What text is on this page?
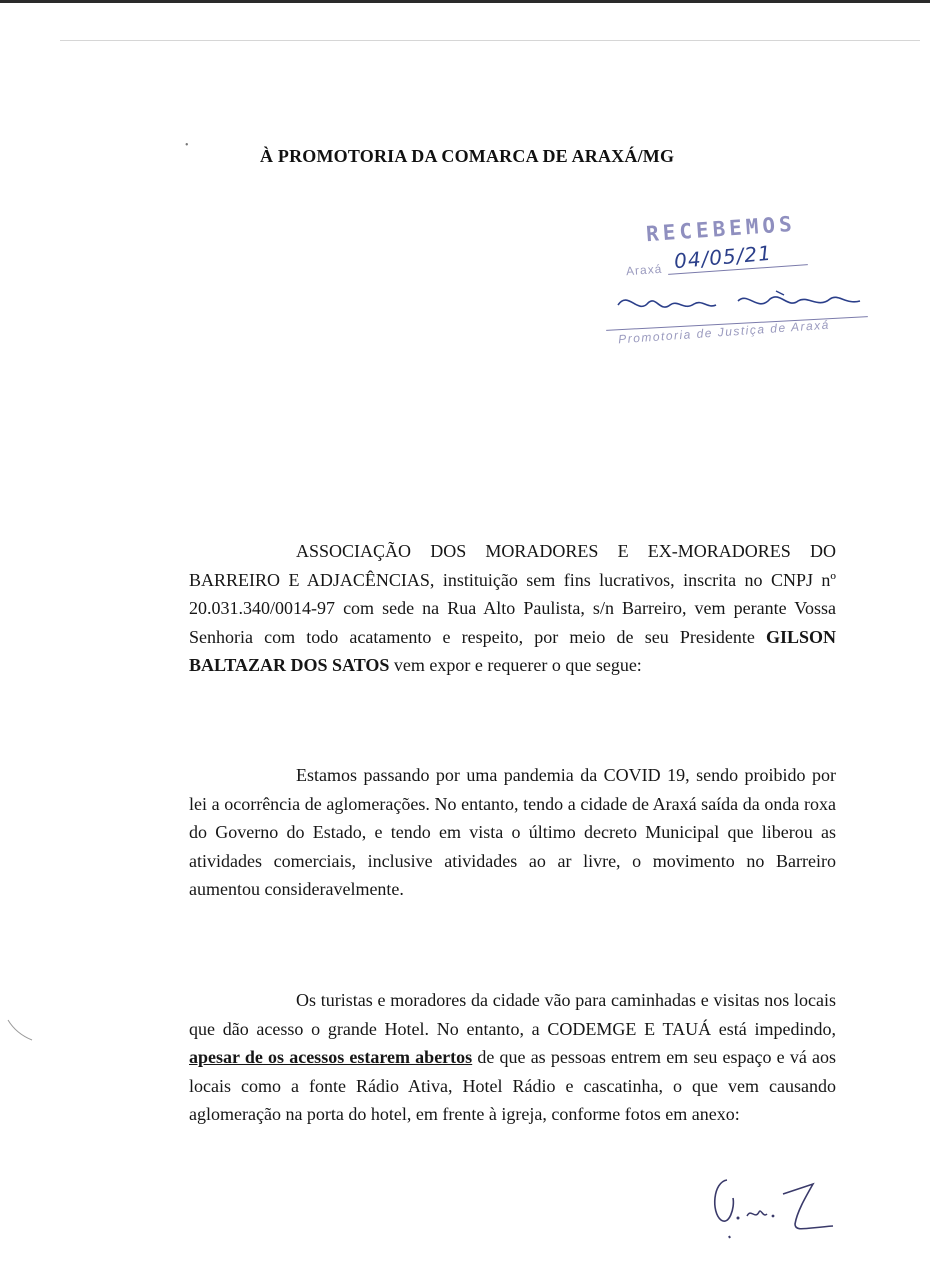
•
À PROMOTORIA DA COMARCA DE ARAXÁ/MG
RECEBEMOS
Araxá 04/05/21
Promotoria de Justiça de Araxá
ASSOCIAÇÃO DOS MORADORES E EX-MORADORES DO BARREIRO E ADJACÊNCIAS, instituição sem fins lucrativos, inscrita no CNPJ nº 20.031.340/0014-97 com sede na Rua Alto Paulista, s/n Barreiro, vem perante Vossa Senhoria com todo acatamento e respeito, por meio de seu Presidente GILSON BALTAZAR DOS SATOS vem expor e requerer o que segue:
Estamos passando por uma pandemia da COVID 19, sendo proibido por lei a ocorrência de aglomerações. No entanto, tendo a cidade de Araxá saída da onda roxa do Governo do Estado, e tendo em vista o último decreto Municipal que liberou as atividades comerciais, inclusive atividades ao ar livre, o movimento no Barreiro aumentou consideravelmente.
Os turistas e moradores da cidade vão para caminhadas e visitas nos locais que dão acesso o grande Hotel. No entanto, a CODEMGE E TAUÁ está impedindo, apesar de os acessos estarem abertos de que as pessoas entrem em seu espaço e vá aos locais como a fonte Rádio Ativa, Hotel Rádio e cascatinha, o que vem causando aglomeração na porta do hotel, em frente à igreja, conforme fotos em anexo:
